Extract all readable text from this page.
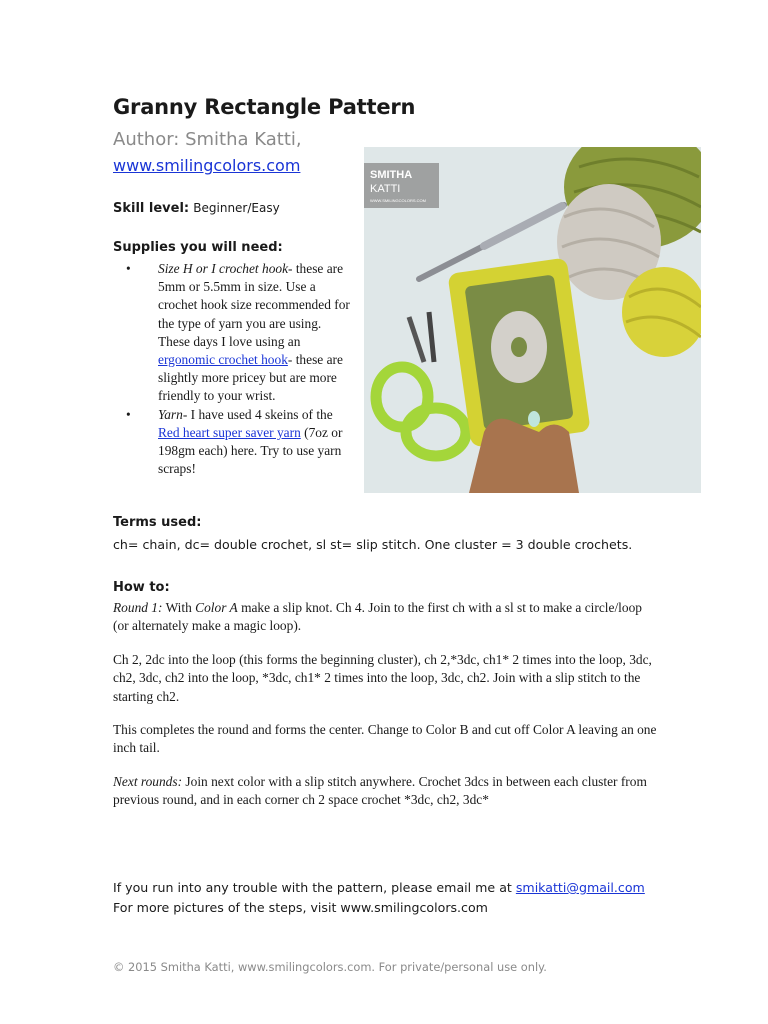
Granny Rectangle Pattern
Author: Smitha Katti,
www.smilingcolors.com
Skill level: Beginner/Easy
Supplies you will need:
• Size H or I crochet hook- these are 5mm or 5.5mm in size. Use a crochet hook size recommended for the type of yarn you are using. These days I love using an ergonomic crochet hook- these are slightly more pricey but are more friendly to your wrist.
• Yarn- I have used 4 skeins of the Red heart super saver yarn (7oz or 198gm each) here. Try to use yarn scraps!
SMITHA
KATTI
WWW.SMILINGCOLORS.COM
Terms used:
ch= chain, dc= double crochet, sl st= slip stitch. One cluster = 3 double crochets.
How to:

Round 1: With Color A make a slip knot. Ch 4. Join to the first ch with a sl st to make a circle/loop (or alternately make a magic loop).

Ch 2, 2dc into the loop (this forms the beginning cluster), ch 2,*3dc, ch1* 2 times into the loop, 3dc, ch2, 3dc, ch2 into the loop, *3dc, ch1* 2 times into the loop, 3dc, ch2. Join with a slip stitch to the starting ch2.

This completes the round and forms the center. Change to Color B and cut off Color A leaving an one inch tail.

Next rounds: Join next color with a slip stitch anywhere. Crochet 3dcs in between each cluster from previous round, and in each corner ch 2 space crochet *3dc, ch2, 3dc*

If you run into any trouble with the pattern, please email me at smikatti@gmail.com
For more pictures of the steps, visit www.smilingcolors.com
© 2015 Smitha Katti, www.smilingcolors.com. For private/personal use only.
